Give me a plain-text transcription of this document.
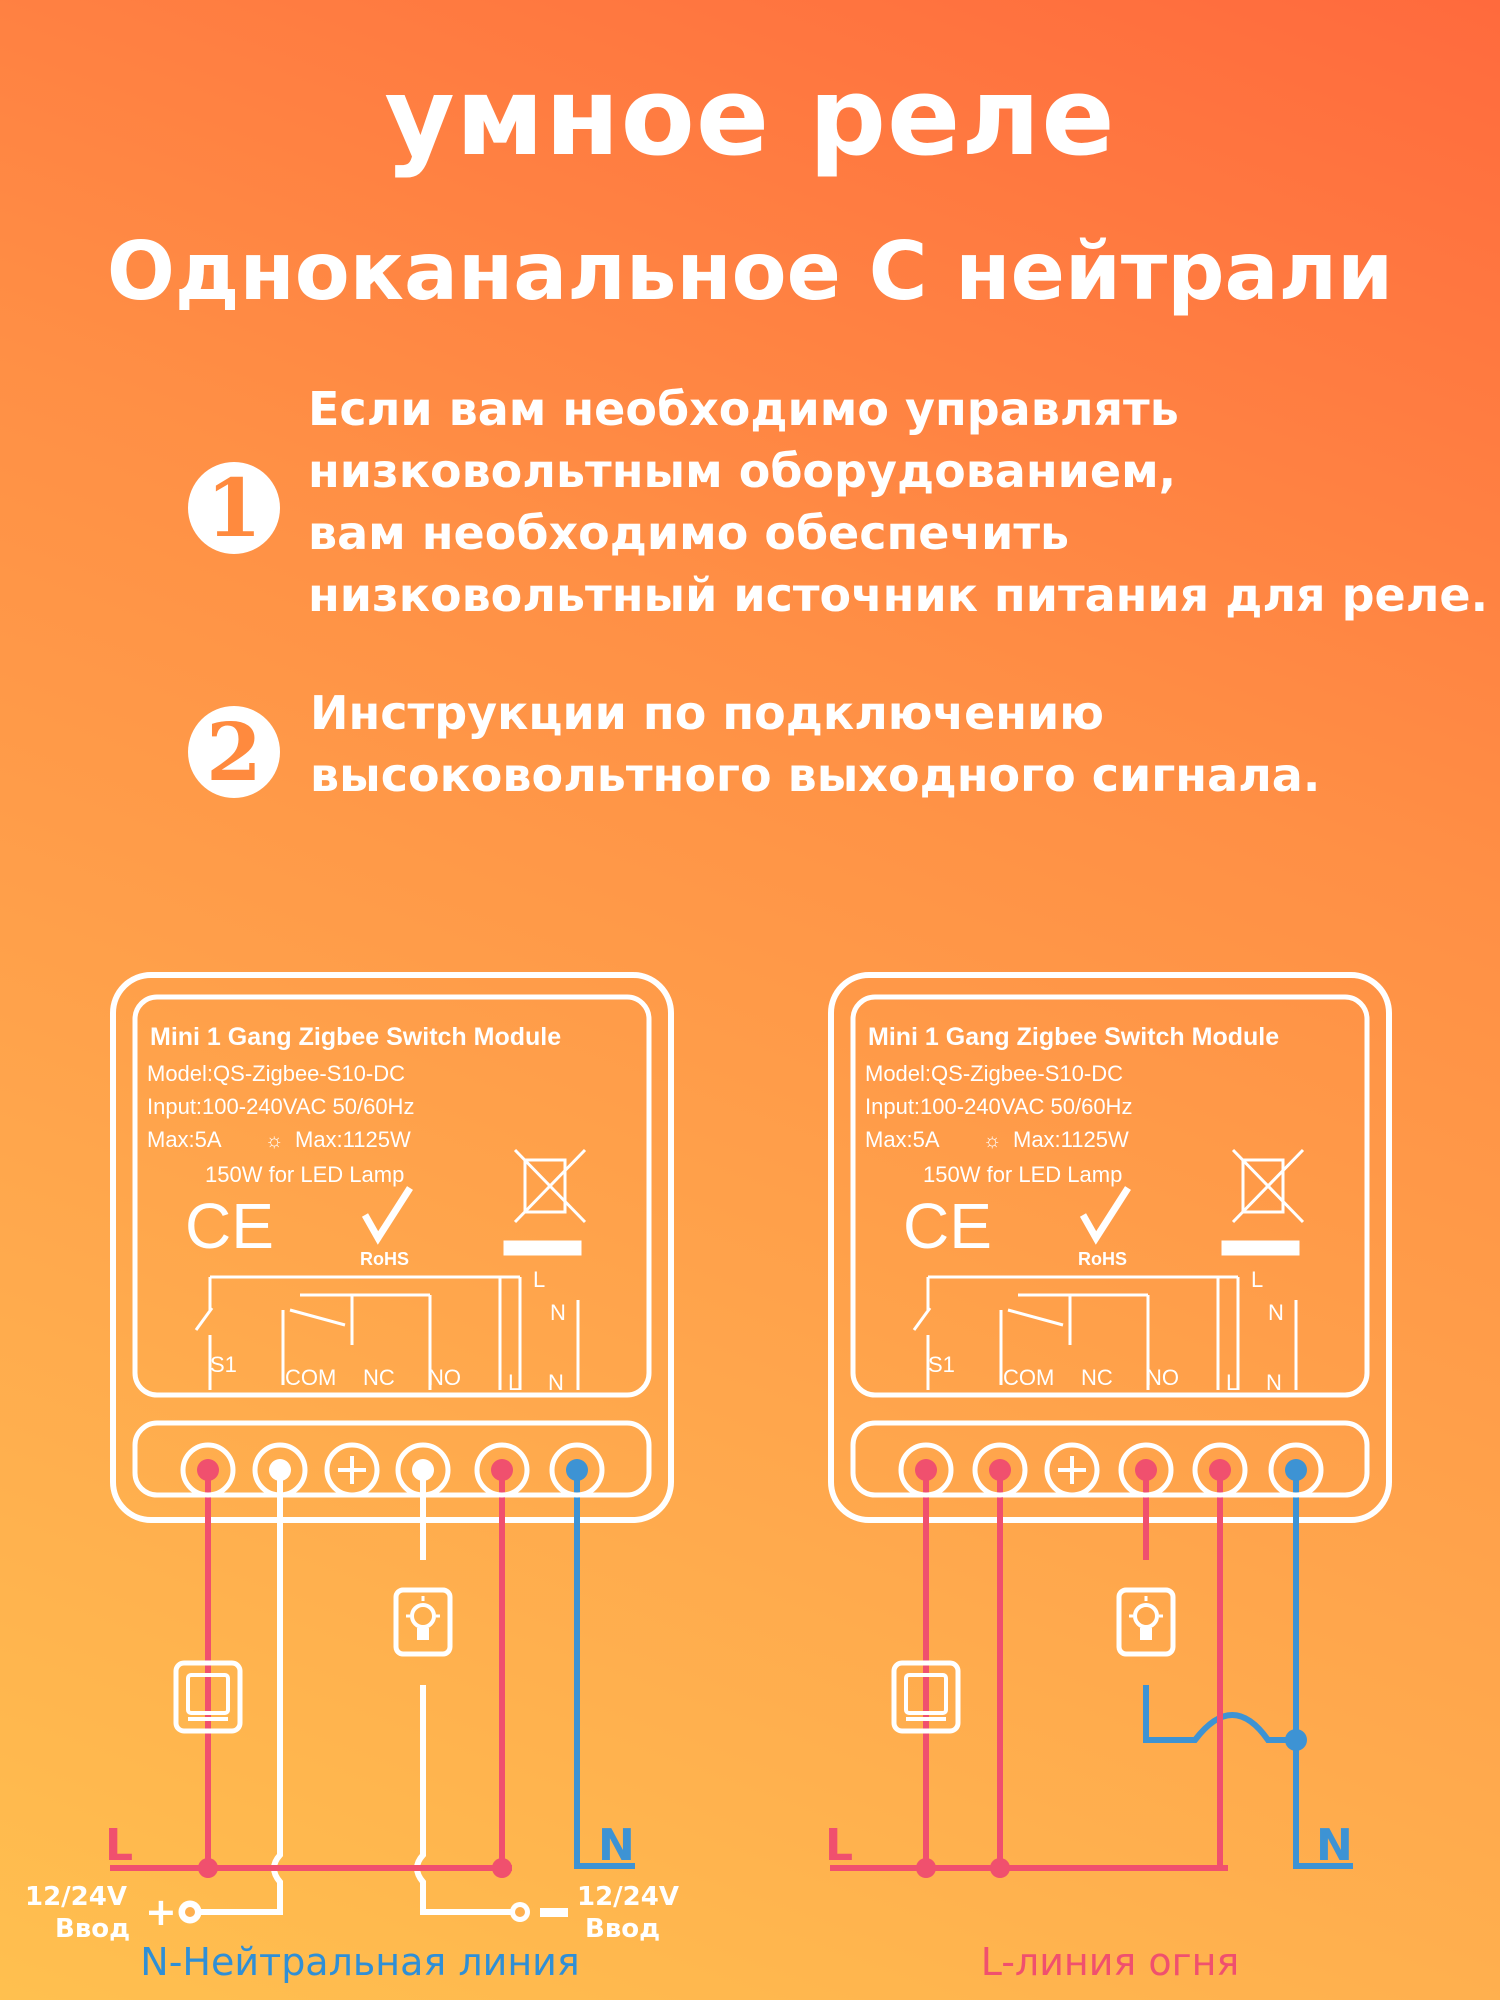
умное реле
Одноканальное С нейтрали
1
Если вам необходимо управлять
низковольтным оборудованием,
вам необходимо обеспечить
низковольтный источник питания для реле.
2	Инструкции по подключению
высоковольтного выходного сигнала.
Mini 1 Gang Zigbee Switch Module
Model:QS-Zigbee-S10-DC
Input:100-240VAC 50/60Hz
Max:5A ☼ Max:1125W
150W for LED Lamp
CE	RoHS
L
N
S1
COM NC NO L N
Mini 1 Gang Zigbee Switch Module
Model:QS-Zigbee-S10-DC
Input:100-240VAC 50/60Hz
Max:5A ☼ Max:1125W
150W for LED Lamp
CE	RoHS
L
N
S1
COM NC NO L N
L	N
12/24V
Ввод +	12/24V
Ввод
L	N
N-Нейтральная линия	L-линия огня
